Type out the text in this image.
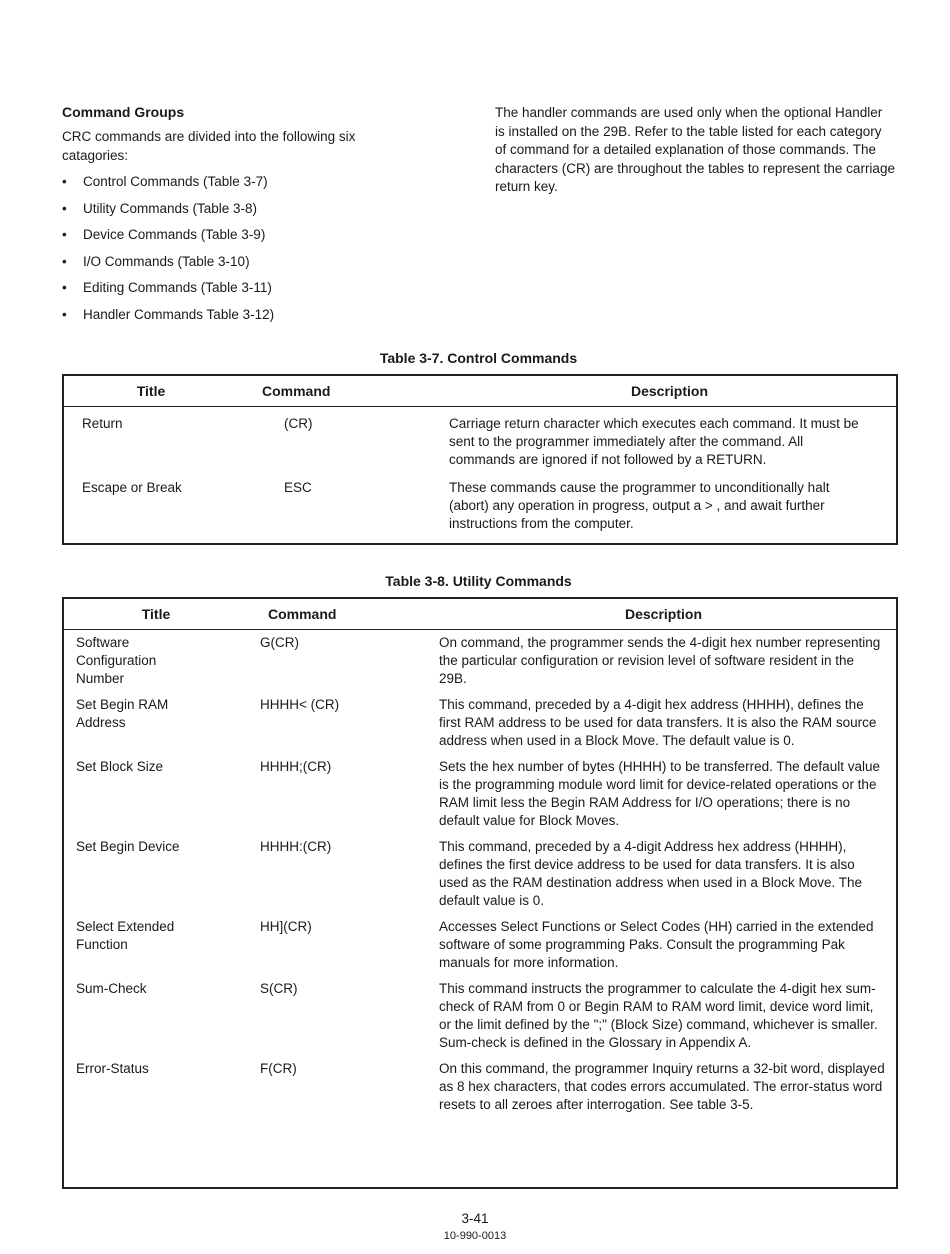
Command Groups

CRC commands are divided into the following six catagories:

• Control Commands (Table 3-7)
• Utility Commands (Table 3-8)
• Device Commands (Table 3-9)
• I/O Commands (Table 3-10)
• Editing Commands (Table 3-11)
• Handler Commands Table 3-12)

The handler commands are used only when the optional Handler is installed on the 29B. Refer to the table listed for each category of command for a detailed explanation of those commands. The characters (CR) are throughout the tables to represent the carriage return key.

Table 3-7. Control Commands
Title	Command	Description
Return	(CR)	Carriage return character which executes each command. It must be sent to the programmer immediately after the command. All commands are ignored if not followed by a RETURN.
Escape or Break	ESC	These commands cause the programmer to unconditionally halt (abort) any operation in progress, output a > , and await further instructions from the computer.
Table 3-8. Utility Commands
Title	Command	Description

Software Configuration Number	G(CR)	On command, the programmer sends the 4-digit hex number representing the particular configuration or revision level of software resident in the 29B.

Set Begin RAM Address	HHHH< (CR)	This command, preceded by a 4-digit hex address (HHHH), defines the first RAM address to be used for data transfers. It is also the RAM source address when used in a Block Move. The default value is 0.
Set Block Size	HHHH;(CR)	Sets the hex number of bytes (HHHH) to be transferred. The default value is the programming module word limit for device-related operations or the RAM limit less the Begin RAM Address for I/O operations; there is no default value for Block Moves.
Set Begin Device	HHHH:(CR)	This command, preceded by a 4-digit Address hex address (HHHH), defines the first device address to be used for data transfers. It is also used as the RAM destination address when used in a Block Move. The default value is 0.

Select Extended Function	HH](CR)	Accesses Select Functions or Select Codes (HH) carried in the extended software of some programming Paks. Consult the programming Pak manuals for more information.
Sum-Check	S(CR)	This command instructs the programmer to calculate the 4-digit hex sum-check of RAM from 0 or Begin RAM to RAM word limit, device word limit, or the limit defined by the ";" (Block Size) command, whichever is smaller. Sum-check is defined in the Glossary in Appendix A.
Error-Status	F(CR)	On this command, the programmer Inquiry returns a 32-bit word, displayed as 8 hex characters, that codes errors accumulated. The error-status word resets to all zeroes after interrogation. See table 3-5.

3-41
10-990-0013
